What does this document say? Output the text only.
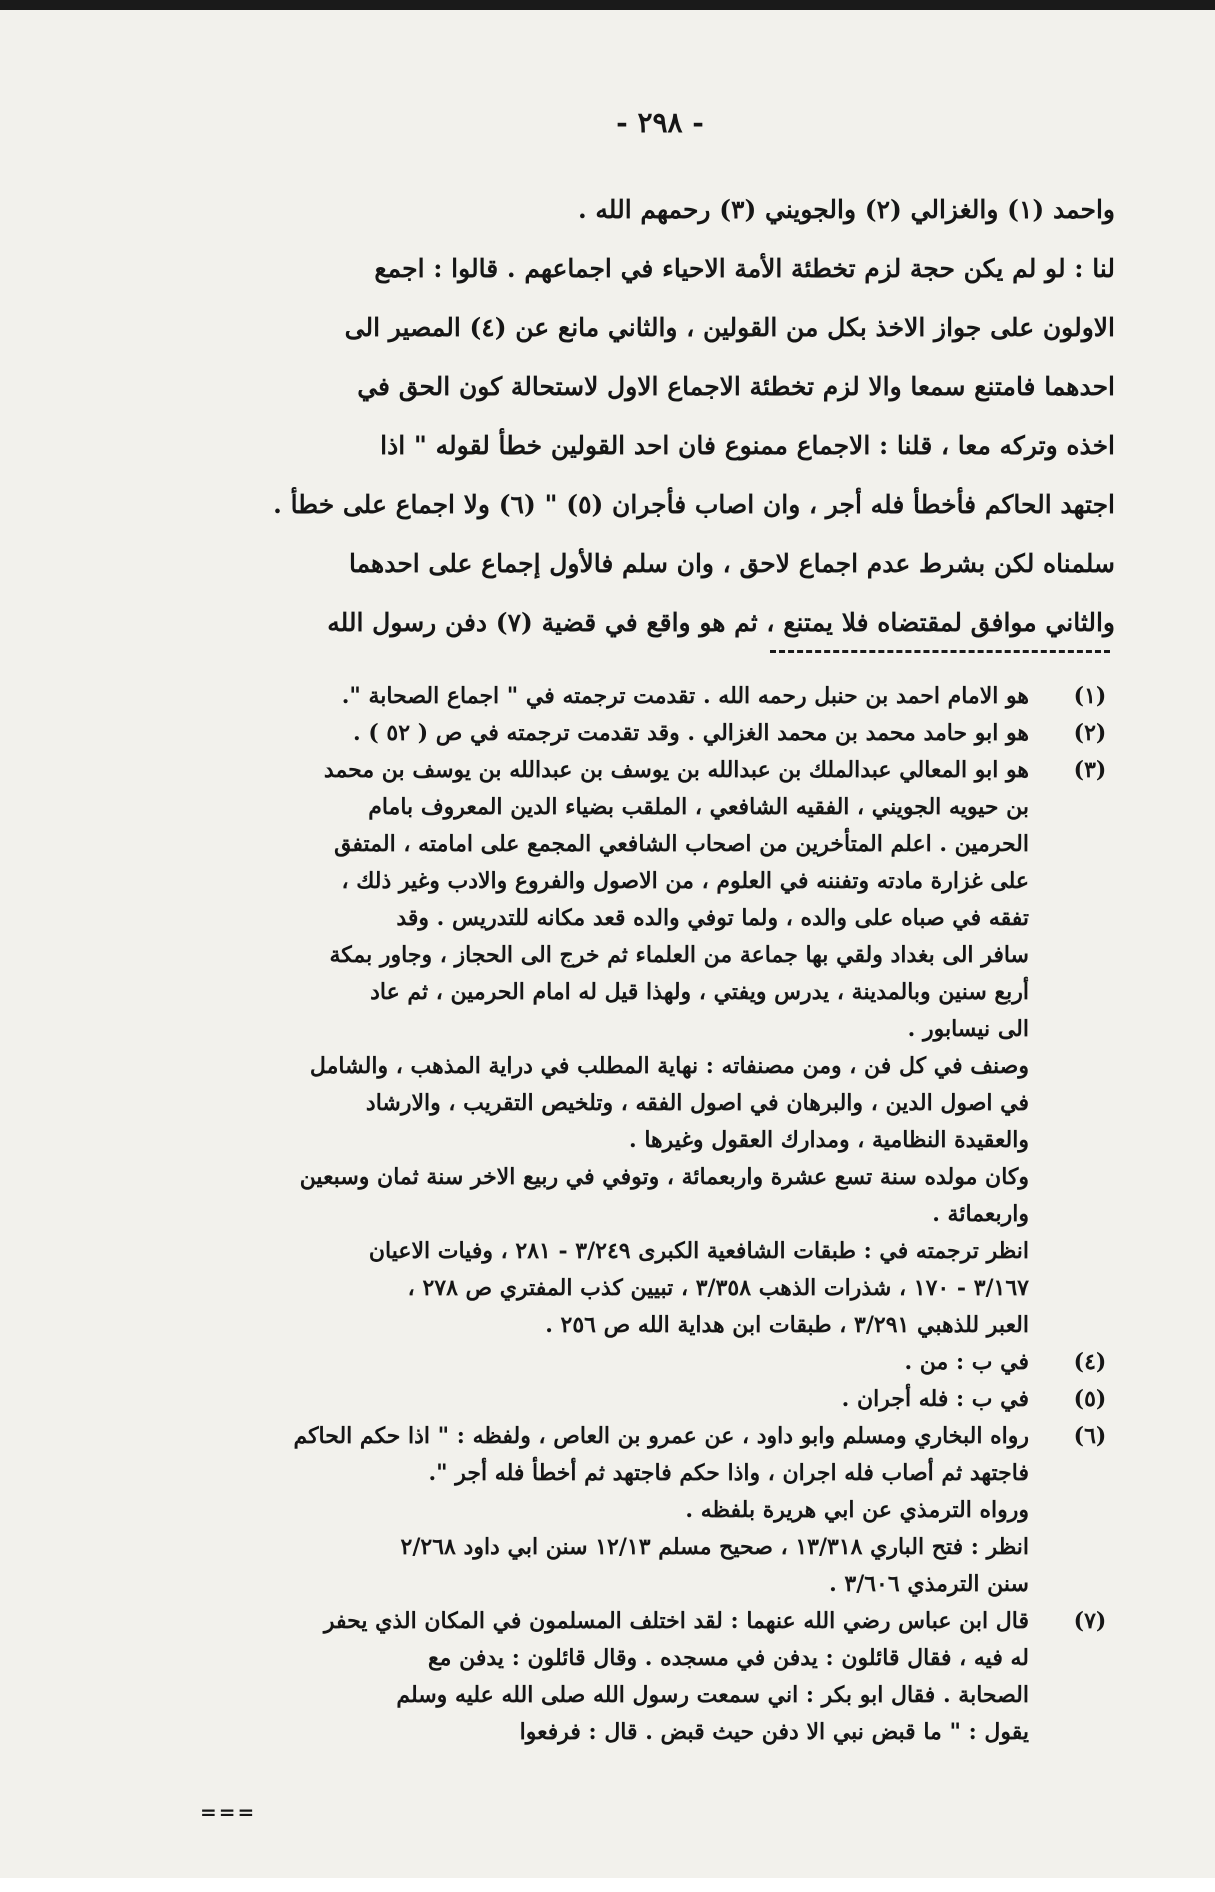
- ٢٩٨ -
واحمد (١) والغزالي (٢) والجويني (٣) رحمهم الله .
لنا : لو لم يكن حجة لزم تخطئة الأمة الاحياء في اجماعهم . قالوا : اجمع
الاولون على جواز الاخذ بكل من القولين ، والثاني مانع عن (٤) المصير الى
احدهما فامتنع سمعا والا لزم تخطئة الاجماع الاول لاستحالة كون الحق في
اخذه وتركه معا ، قلنا : الاجماع ممنوع فان احد القولين خطأ لقوله " اذا
اجتهد الحاكم فأخطأ فله أجر ، وان اصاب فأجران (٥) " (٦) ولا اجماع على خطأ .
سلمناه لكن بشرط عدم اجماع لاحق ، وان سلم فالأول إجماع على احدهما
والثاني موافق لمقتضاه فلا يمتنع ، ثم هو واقع في قضية (٧) دفن رسول الله
(١)
هو الامام احمد بن حنبل رحمه الله . تقدمت ترجمته في " اجماع الصحابة ".
(٢)
هو ابو حامد محمد بن محمد الغزالي . وقد تقدمت ترجمته في ص ( ٥٢ ) .
(٣)
هو ابو المعالي عبدالملك بن عبدالله بن يوسف بن عبدالله بن يوسف بن محمد
بن حيويه الجويني ، الفقيه الشافعي ، الملقب بضياء الدين المعروف بامام
الحرمين . اعلم المتأخرين من اصحاب الشافعي المجمع على امامته ، المتفق
على غزارة مادته وتفننه في العلوم ، من الاصول والفروع والادب وغير ذلك ،
تفقه في صباه على والده ، ولما توفي والده قعد مكانه للتدريس . وقد
سافر الى بغداد ولقي بها جماعة من العلماء ثم خرج الى الحجاز ، وجاور بمكة
أربع سنين وبالمدينة ، يدرس ويفتي ، ولهذا قيل له امام الحرمين ، ثم عاد
الى نيسابور .
وصنف في كل فن ، ومن مصنفاته : نهاية المطلب في دراية المذهب ، والشامل
في اصول الدين ، والبرهان في اصول الفقه ، وتلخيص التقريب ، والارشاد
والعقيدة النظامية ، ومدارك العقول وغيرها .
وكان مولده سنة تسع عشرة واربعمائة ، وتوفي في ربيع الاخر سنة ثمان وسبعين
واربعمائة .
انظر ترجمته في : طبقات الشافعية الكبرى ٣/٢٤٩ - ٢٨١ ، وفيات الاعيان
٣/١٦٧ - ١٧٠ ، شذرات الذهب ٣/٣٥٨ ، تبيين كذب المفتري ص ٢٧٨ ،
العبر للذهبي ٣/٢٩١ ، طبقات ابن هداية الله ص ٢٥٦ .
(٤)
في ب : من .
(٥)
في ب : فله أجران .
(٦)
رواه البخاري ومسلم وابو داود ، عن عمرو بن العاص ، ولفظه : " اذا حكم الحاكم
فاجتهد ثم أصاب فله اجران ، واذا حكم فاجتهد ثم أخطأ فله أجر ".
ورواه الترمذي عن ابي هريرة بلفظه .
انظر : فتح الباري ١٣/٣١٨ ، صحيح مسلم ١٢/١٣ سنن ابي داود ٢/٢٦٨
سنن الترمذي ٣/٦٠٦ .
(٧)
قال ابن عباس رضي الله عنهما : لقد اختلف المسلمون في المكان الذي يحفر
له فيه ، فقال قائلون : يدفن في مسجده . وقال قائلون : يدفن مع
الصحابة . فقال ابو بكر : اني سمعت رسول الله صلى الله عليه وسلم
يقول : " ما قبض نبي الا دفن حيث قبض . قال : فرفعوا
===
